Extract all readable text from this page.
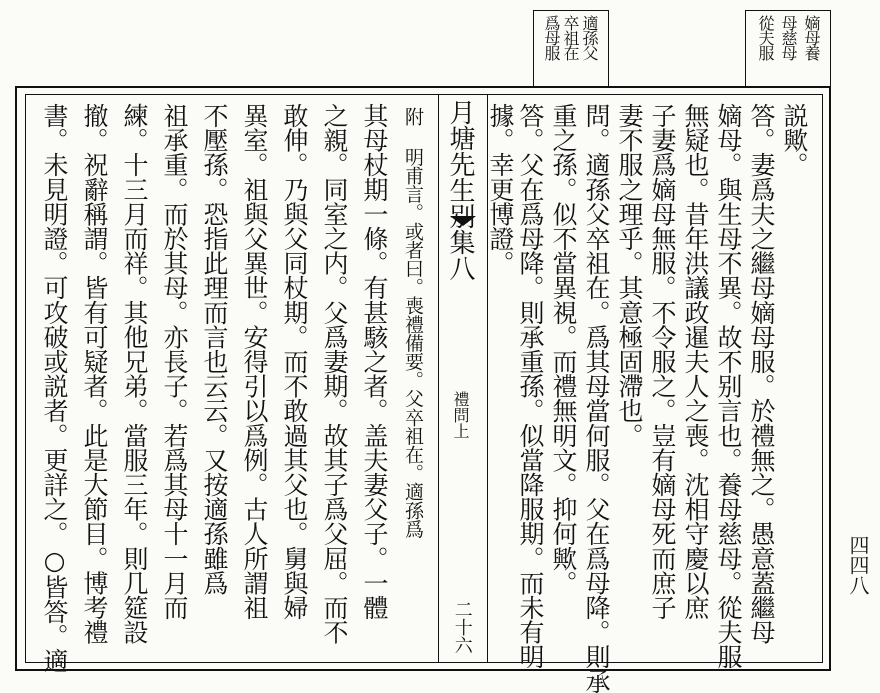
適孫父
卒祖在
爲母服	嫡母養
母慈母
從夫服
説歟。
答。妻爲夫之繼母嫡母服。於禮無之。愚意蓋繼母
嫡母。與生母不異。故不别言也。養母慈母。從夫服
無疑也。昔年洪議政暹夫人之喪。沈相守慶以庶
子妻爲嫡母無服。不令服之。豈有嫡母死而庶子
妻不服之理乎。其意極固滯也。
問。適孫父卒祖在。爲其母當何服。父在爲母降。則承
重之孫。似不當異視。而禮無明文。抑何歟。
答。父在爲母降。則承重孫。似當降服期。而未有明
月塘先生别集八
禮問上
二十六
附 明甫言。或者曰。喪禮備要。父卒祖在。適孫爲
其母杖期一條。有甚駭之者。盖夫妻父子。一體
之親。同室之内。父爲妻期。故其子爲父屈。而不
敢伸。乃與父同杖期。而不敢過其父也。舅與婦
異室。祖與父異世。安得引以爲例。古人所謂祖
不壓孫。恐指此理而言也云云。又按適孫雖爲
祖承重。而於其母。亦長子。若爲其母十一月而
練。十三月而祥。其他兄弟。當服三年。則几筵設
撤。祝辭稱謂。皆有可疑者。此是大節目。博考禮
書。未見明證。可攻破或説者。更詳之。○皆答。適	據。幸更博證。
四四八
